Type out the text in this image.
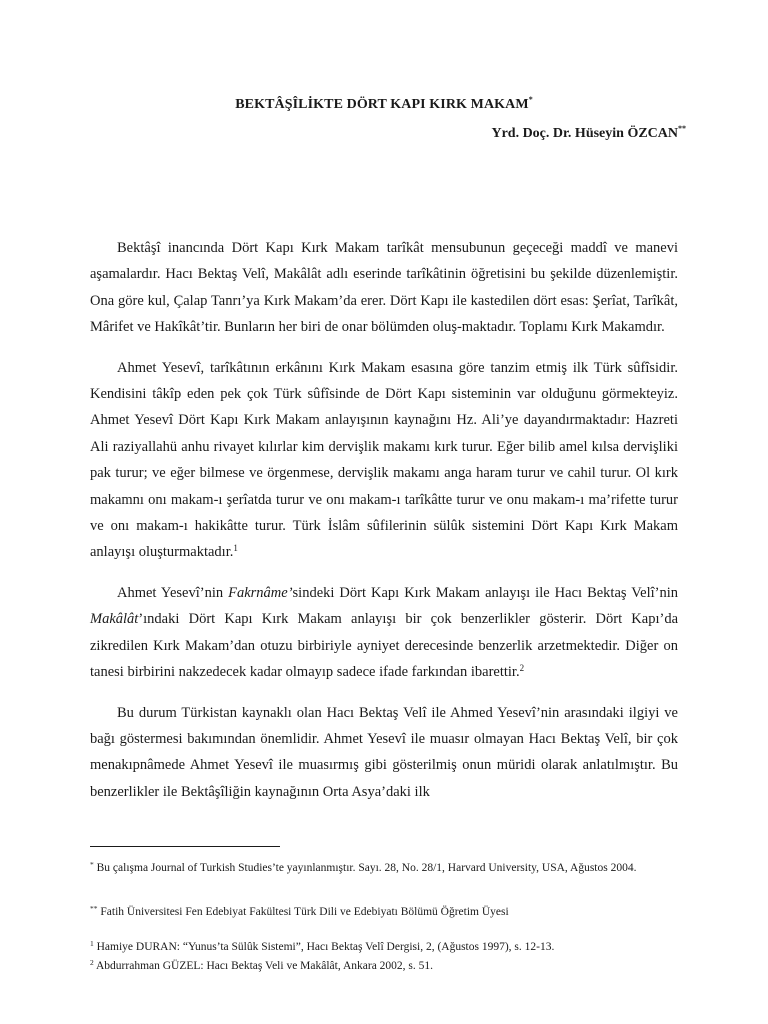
BEKTÂŞÎLİKTE DÖRT KAPI KIRK MAKAM*
Yrd. Doç. Dr. Hüseyin ÖZCAN**

Bektâşî inancında Dört Kapı Kırk Makam tarîkât mensubunun geçeceği maddî ve manevi aşamalardır. Hacı Bektaş Velî, Makâlât adlı eserinde tarîkâtinin öğretisini bu şekilde düzenlemiştir. Ona göre kul, Çalap Tanrı’ya Kırk Makam’da erer. Dört Kapı ile kastedilen dört esas: Şerîat, Tarîkât, Mârifet ve Hakîkât’tir. Bunların her biri de onar bölümden oluş-maktadır. Toplamı Kırk Makamdır.

Ahmet Yesevî, tarîkâtının erkânını Kırk Makam esasına göre tanzim etmiş ilk Türk sûfîsidir. Kendisini tâkîp eden pek çok Türk sûfîsinde de Dört Kapı sisteminin var olduğunu görmekteyiz. Ahmet Yesevî Dört Kapı Kırk Makam anlayışının kaynağını Hz. Ali’ye dayandırmaktadır: Hazreti Ali raziyallahü anhu rivayet kılırlar kim dervişlik makamı kırk turur. Eğer bilib amel kılsa dervişliki pak turur; ve eğer bilmese ve örgenmese, dervişlik makamı anga haram turur ve cahil turur. Ol kırk makamnı onı makam-ı şerîatda turur ve onı makam-ı tarîkâtte turur ve onu makam-ı ma’rifette turur ve onı makam-ı hakikâtte turur. Türk İslâm sûfilerinin sülûk sistemini Dört Kapı Kırk Makam anlayışı oluşturmaktadır.$^1$

Ahmet Yesevî’nin Fakrnâme’sindeki Dört Kapı Kırk Makam anlayışı ile Hacı Bektaş Velî’nin Makâlât’ındaki Dört Kapı Kırk Makam anlayışı bir çok benzerlikler gösterir. Dört Kapı’da zikredilen Kırk Makam’dan otuzu birbiriyle ayniyet derecesinde benzerlik arzetmektedir. Diğer on tanesi birbirini nakzedecek kadar olmayıp sadece ifade farkından ibarettir.$^2$

Bu durum Türkistan kaynaklı olan Hacı Bektaş Velî ile Ahmed Yesevî’nin arasındaki ilgiyi ve bağı göstermesi bakımından önemlidir. Ahmet Yesevî ile muasır olmayan Hacı Bektaş Velî, bir çok menakıpnâmede Ahmet Yesevî ile muasırmış gibi gösterilmiş onun müridi olarak anlatılmıştır. Bu benzerlikler ile Bektâşîliğin kaynağının Orta Asya’daki ilk

* Bu çalışma Journal of Turkish Studies’te yayınlanmıştır. Sayı. 28, No. 28/1, Harvard University, USA, Ağustos 2004.
** Fatih Üniversitesi Fen Edebiyat Fakültesi Türk Dili ve Edebiyatı Bölümü Öğretim Üyesi
$^1$ Hamiye DURAN: “Yunus’ta Sülûk Sistemi”, Hacı Bektaş Velî Dergisi, 2, (Ağustos 1997), s. 12-13.
$^2$ Abdurrahman GÜZEL: Hacı Bektaş Veli ve Makâlât, Ankara 2002, s. 51.
